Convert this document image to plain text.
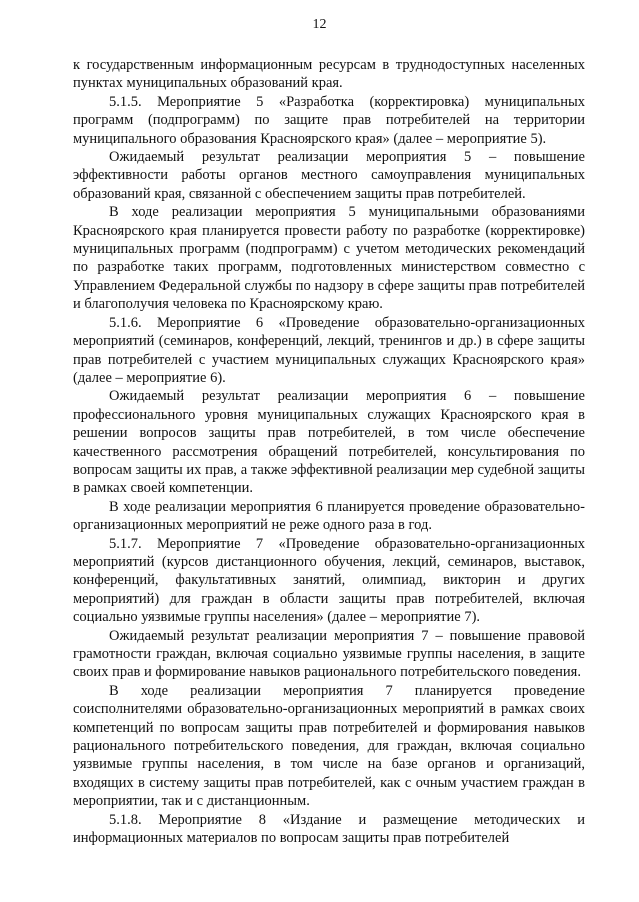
12

к государственным информационным ресурсам в труднодоступных населенных пунктах муниципальных образований края.

5.1.5. Мероприятие 5 «Разработка (корректировка) муниципальных программ (подпрограмм) по защите прав потребителей на территории муниципального образования Красноярского края» (далее – мероприятие 5).

Ожидаемый результат реализации мероприятия 5 – повышение эффективности работы органов местного самоуправления муниципальных образований края, связанной с обеспечением защиты прав потребителей.

В ходе реализации мероприятия 5 муниципальными образованиями Красноярского края планируется провести работу по разработке (корректировке) муниципальных программ (подпрограмм) с учетом методических рекомендаций по разработке таких программ, подготовленных министерством совместно с Управлением Федеральной службы по надзору в сфере защиты прав потребителей и благополучия человека по Красноярскому краю.

5.1.6. Мероприятие 6 «Проведение образовательно-организационных мероприятий (семинаров, конференций, лекций, тренингов и др.) в сфере защиты прав потребителей с участием муниципальных служащих Красноярского края» (далее – мероприятие 6).

Ожидаемый результат реализации мероприятия 6 – повышение профессионального уровня муниципальных служащих Красноярского края в решении вопросов защиты прав потребителей, в том числе обеспечение качественного рассмотрения обращений потребителей, консультирования по вопросам защиты их прав, а также эффективной реализации мер судебной защиты в рамках своей компетенции.

В ходе реализации мероприятия 6 планируется проведение образовательно-организационных мероприятий не реже одного раза в год.

5.1.7. Мероприятие 7 «Проведение образовательно-организационных мероприятий (курсов дистанционного обучения, лекций, семинаров, выставок, конференций, факультативных занятий, олимпиад, викторин и других мероприятий) для граждан в области защиты прав потребителей, включая социально уязвимые группы населения» (далее – мероприятие 7).

Ожидаемый результат реализации мероприятия 7 – повышение правовой грамотности граждан, включая социально уязвимые группы населения, в защите своих прав и формирование навыков рационального потребительского поведения.

В ходе реализации мероприятия 7 планируется проведение соисполнителями образовательно-организационных мероприятий в рамках своих компетенций по вопросам защиты прав потребителей и формирования навыков рационального потребительского поведения, для граждан, включая социально уязвимые группы населения, в том числе на базе органов и организаций, входящих в систему защиты прав потребителей, как с очным участием граждан в мероприятии, так и с дистанционным.

5.1.8. Мероприятие 8 «Издание и размещение методических и информационных материалов по вопросам защиты прав потребителей
